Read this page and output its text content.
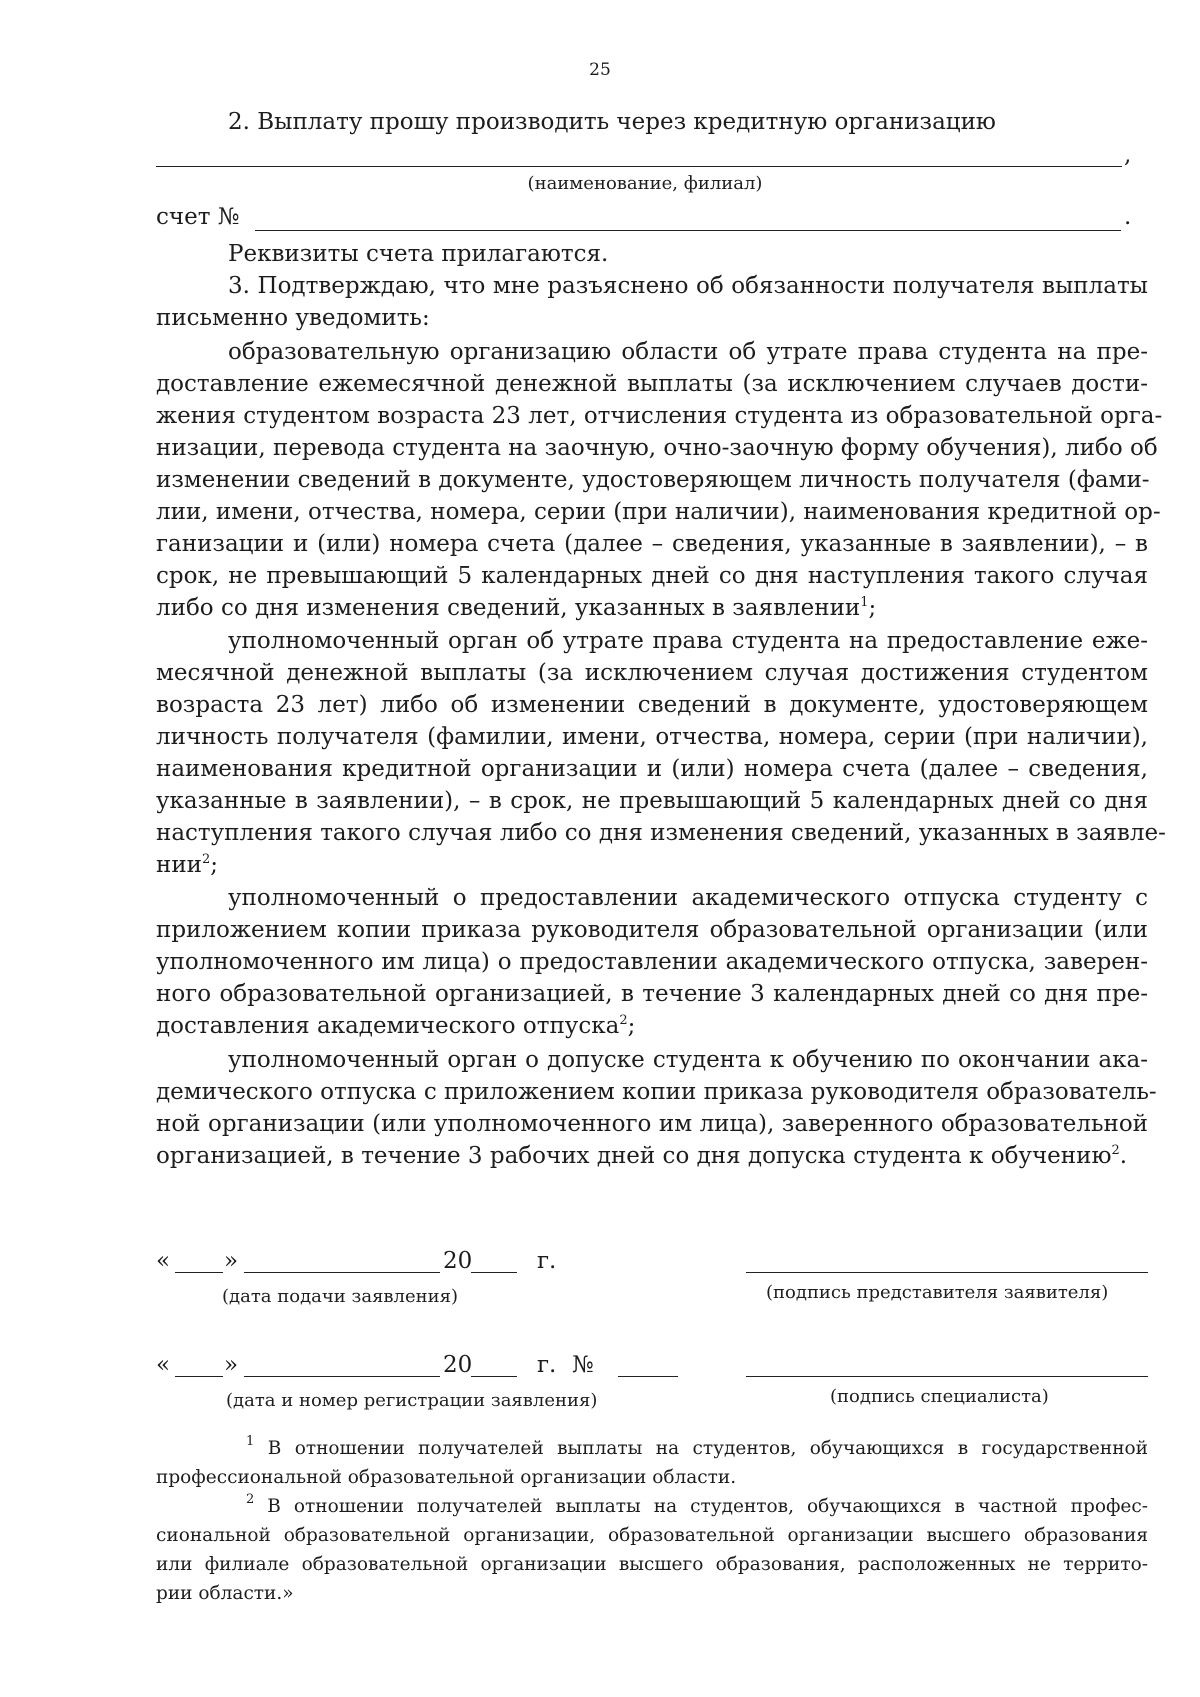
25
2. Выплату прошу производить через кредитную организацию
,
(наименование, филиал)
счет №	.
Реквизиты счета прилагаются.
3. Подтверждаю, что мне разъяснено об обязанности получателя выплаты
письменно уведомить:
образовательную организацию области об утрате права студента на пре-
доставление ежемесячной денежной выплаты (за исключением случаев дости-
жения студентом возраста 23 лет, отчисления студента из образовательной орга-
низации, перевода студента на заочную, очно-заочную форму обучения), либо об
изменении сведений в документе, удостоверяющем личность получателя (фами-
лии, имени, отчества, номера, серии (при наличии), наименования кредитной ор-
ганизации и (или) номера счета (далее – сведения, указанные в заявлении), – в
срок, не превышающий 5 календарных дней со дня наступления такого случая
либо со дня изменения сведений, указанных в заявлении$^1$;
уполномоченный орган об утрате права студента на предоставление еже-
месячной денежной выплаты (за исключением случая достижения студентом
возраста 23 лет) либо об изменении сведений в документе, удостоверяющем
личность получателя (фамилии, имени, отчества, номера, серии (при наличии),
наименования кредитной организации и (или) номера счета (далее – сведения,
указанные в заявлении), – в срок, не превышающий 5 календарных дней со дня
наступления такого случая либо со дня изменения сведений, указанных в заявле-
нии$^2$;
уполномоченный о предоставлении академического отпуска студенту с
приложением копии приказа руководителя образовательной организации (или
уполномоченного им лица) о предоставлении академического отпуска, заверен-
ного образовательной организацией, в течение 3 календарных дней со дня пре-
доставления академического отпуска$^2$;
уполномоченный орган о допуске студента к обучению по окончании ака-
демического отпуска с приложением копии приказа руководителя образователь-
ной организации (или уполномоченного им лица), заверенного образовательной
организацией, в течение 3 рабочих дней со дня допуска студента к обучению$^2$.
« »	20	г.
(дата подачи заявления)	(подпись представителя заявителя)
« »	20	г. №
(дата и номер регистрации заявления)	(подпись специалиста)
$^1$ В отношении получателей выплаты на студентов, обучающихся в государственной
профессиональной образовательной организации области.
$^2$ В отношении получателей выплаты на студентов, обучающихся в частной профес-
сиональной образовательной организации, образовательной организации высшего образования
или филиале образовательной организации высшего образования, расположенных не террито-
рии области.»
